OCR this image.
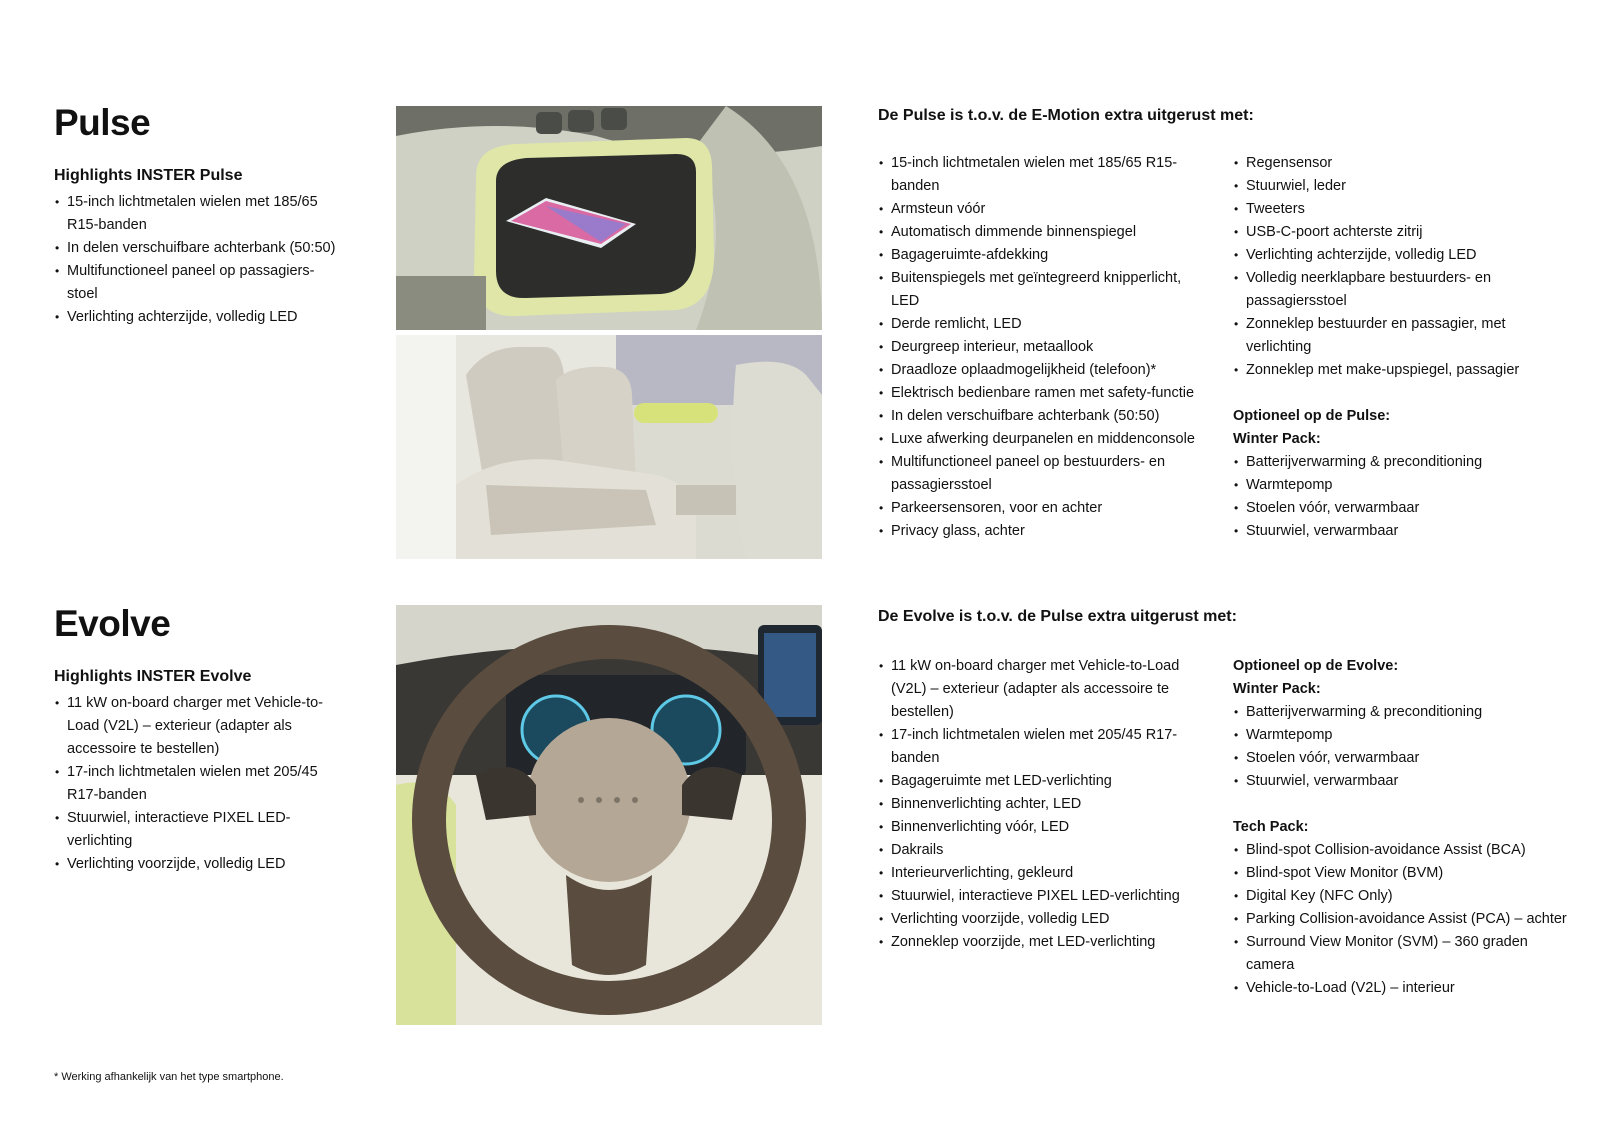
Pulse

Highlights INSTER Pulse

• 15-inch lichtmetalen wielen met 185/65 R15-banden
• In delen verschuifbare achterbank (50:50)
• Multifunctioneel paneel op passagiers-stoel
• Verlichting achterzijde, volledig LED

De Pulse is t.o.v. de E-Motion extra uitgerust met:

• 15-inch lichtmetalen wielen met 185/65 R15-banden
• Armsteun vóór
• Automatisch dimmende binnenspiegel
• Bagageruimte-afdekking
• Buitenspiegels met geïntegreerd knipperlicht, LED
• Derde remlicht, LED
• Deurgreep interieur, metaallook
• Draadloze oplaadmogelijkheid (telefoon)*
• Elektrisch bedienbare ramen met safety-functie
• In delen verschuifbare achterbank (50:50)
• Luxe afwerking deurpanelen en middenconsole
• Multifunctioneel paneel op bestuurders- en passagiersstoel
• Parkeersensoren, voor en achter
• Privacy glass, achter
• Regensensor
• Stuurwiel, leder
• Tweeters
• USB-C-poort achterste zitrij
• Verlichting achterzijde, volledig LED
• Volledig neerklapbare bestuurders- en passagiersstoel
• Zonneklep bestuurder en passagier, met verlichting
• Zonneklep met make-upspiegel, passagier

Optioneel op de Pulse:

Winter Pack:

• Batterijverwarming & preconditioning
• Warmtepomp
• Stoelen vóór, verwarmbaar
• Stuurwiel, verwarmbaar
Evolve

Highlights INSTER Evolve

• 11 kW on-board charger met Vehicle-to-Load (V2L) – exterieur (adapter als accessoire te bestellen)
• 17-inch lichtmetalen wielen met 205/45 R17-banden
• Stuurwiel, interactieve PIXEL LED-verlichting
• Verlichting voorzijde, volledig LED

De Evolve is t.o.v. de Pulse extra uitgerust met:

• 11 kW on-board charger met Vehicle-to-Load (V2L) – exterieur (adapter als accessoire te bestellen)
• 17-inch lichtmetalen wielen met 205/45 R17-banden
• Bagageruimte met LED-verlichting
• Binnenverlichting achter, LED
• Binnenverlichting vóór, LED
• Dakrails
• Interieurverlichting, gekleurd
• Stuurwiel, interactieve PIXEL LED-verlichting
• Verlichting voorzijde, volledig LED
• Zonneklep voorzijde, met LED-verlichting

Optioneel op de Evolve:

Winter Pack:

• Batterijverwarming & preconditioning
• Warmtepomp
• Stoelen vóór, verwarmbaar
• Stuurwiel, verwarmbaar

Tech Pack:

• Blind-spot Collision-avoidance Assist (BCA)
• Blind-spot View Monitor (BVM)
• Digital Key (NFC Only)
• Parking Collision-avoidance Assist (PCA) – achter
• Surround View Monitor (SVM) – 360 graden camera
• Vehicle-to-Load (V2L) – interieur
* Werking afhankelijk van het type smartphone.
